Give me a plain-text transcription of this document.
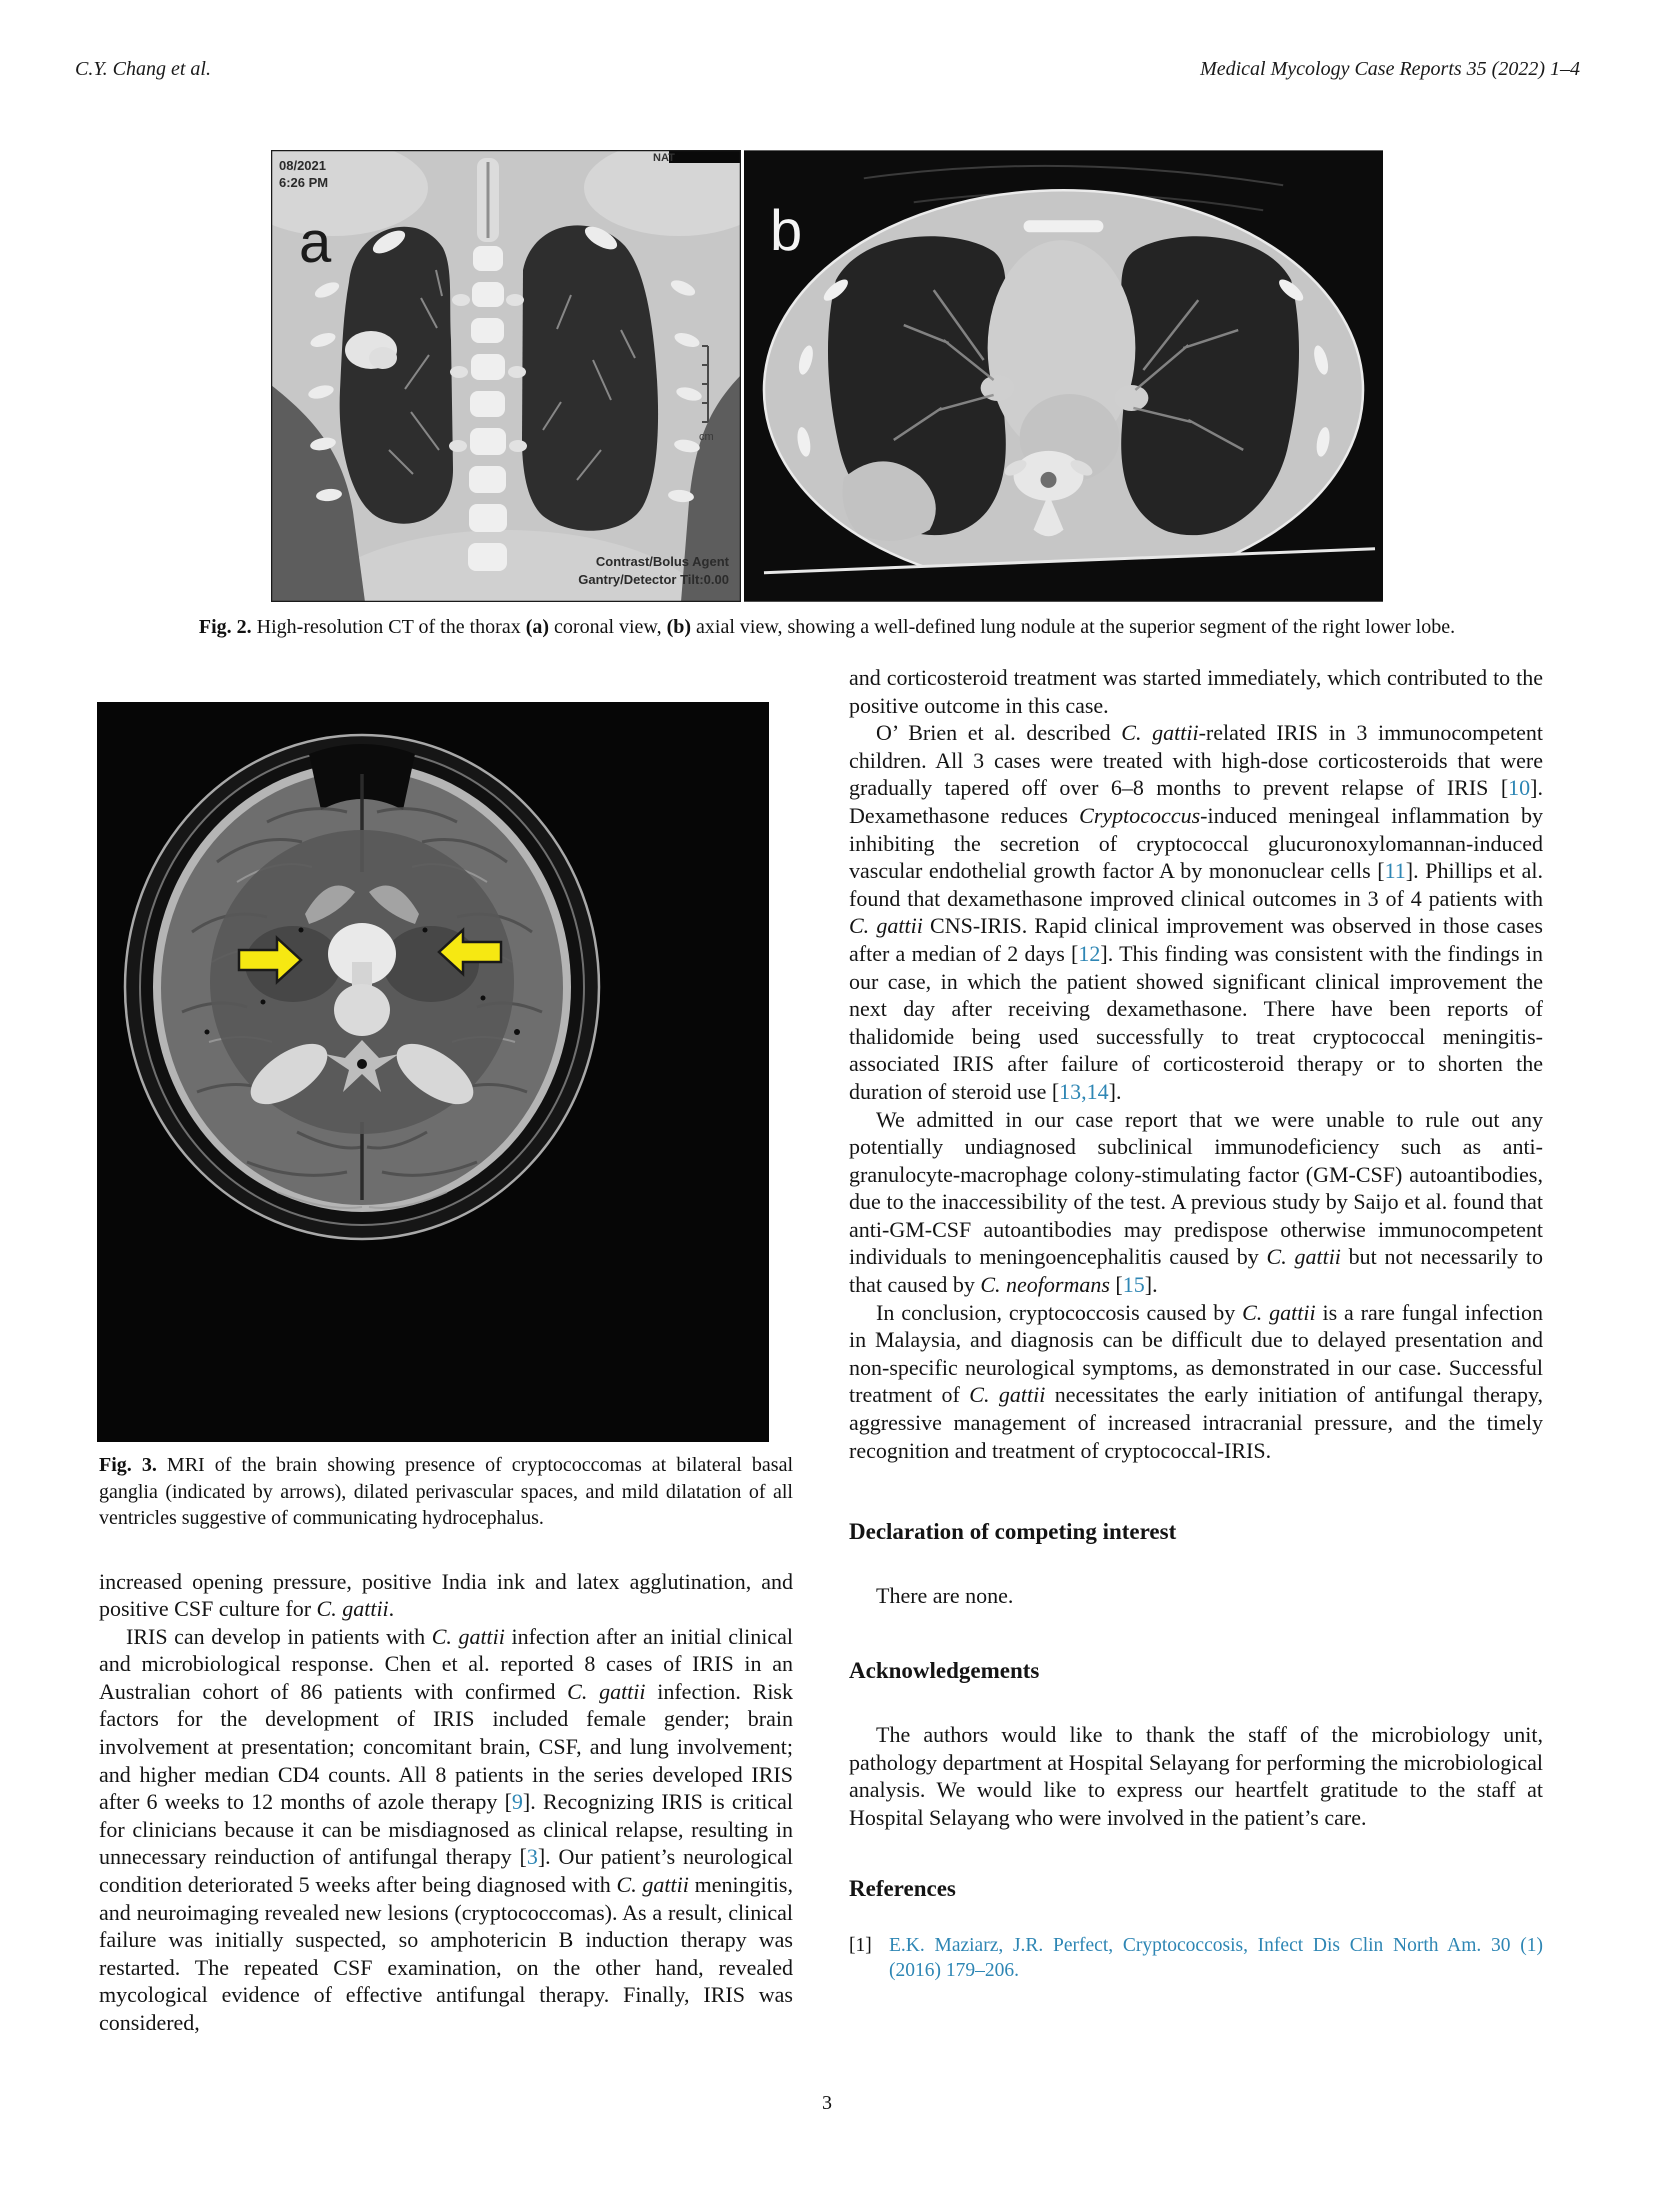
C.Y. Chang et al.	Medical Mycology Case Reports 35 (2022) 1–4
cm
08/2021
6:26 PM
NAT
a
Contrast/Bolus Agent
Gantry/Detector Tilt:0.00
b
Fig. 2. High-resolution CT of the thorax (a) coronal view, (b) axial view, showing a well-defined lung nodule at the superior segment of the right lower lobe.
Fig. 3. MRI of the brain showing presence of cryptococcomas at bilateral basal ganglia (indicated by arrows), dilated perivascular spaces, and mild dilatation of all ventricles suggestive of communicating hydrocephalus.

increased opening pressure, positive India ink and latex agglutination, and positive CSF culture for C. gattii.

IRIS can develop in patients with C. gattii infection after an initial clinical and microbiological response. Chen et al. reported 8 cases of IRIS in an Australian cohort of 86 patients with confirmed C. gattii infection. Risk factors for the development of IRIS included female gender; brain involvement at presentation; concomitant brain, CSF, and lung involvement; and higher median CD4 counts. All 8 patients in the series developed IRIS after 6 weeks to 12 months of azole therapy [9]. Recognizing IRIS is critical for clinicians because it can be misdiagnosed as clinical relapse, resulting in unnecessary reinduction of antifungal therapy [3]. Our patient’s neurological condition deteriorated 5 weeks after being diagnosed with C. gattii meningitis, and neuroimaging revealed new lesions (cryptococcomas). As a result, clinical failure was initially suspected, so amphotericin B induction therapy was restarted. The repeated CSF examination, on the other hand, revealed mycological evidence of effective antifungal therapy. Finally, IRIS was considered,

and corticosteroid treatment was started immediately, which contributed to the positive outcome in this case.

O’ Brien et al. described C. gattii-related IRIS in 3 immunocompetent children. All 3 cases were treated with high-dose corticosteroids that were gradually tapered off over 6–8 months to prevent relapse of IRIS [10]. Dexamethasone reduces Cryptococcus-induced meningeal inflammation by inhibiting the secretion of cryptococcal glucuronoxylomannan-induced vascular endothelial growth factor A by mononuclear cells [11]. Phillips et al. found that dexamethasone improved clinical outcomes in 3 of 4 patients with C. gattii CNS-IRIS. Rapid clinical improvement was observed in those cases after a median of 2 days [12]. This finding was consistent with the findings in our case, in which the patient showed significant clinical improvement the next day after receiving dexamethasone. There have been reports of thalidomide being used successfully to treat cryptococcal meningitis-associated IRIS after failure of corticosteroid therapy or to shorten the duration of steroid use [13,14].

We admitted in our case report that we were unable to rule out any potentially undiagnosed subclinical immunodeficiency such as anti-granulocyte-macrophage colony-stimulating factor (GM-CSF) autoantibodies, due to the inaccessibility of the test. A previous study by Saijo et al. found that anti-GM-CSF autoantibodies may predispose otherwise immunocompetent individuals to meningoencephalitis caused by C. gattii but not necessarily to that caused by C. neoformans [15].

In conclusion, cryptococcosis caused by C. gattii is a rare fungal infection in Malaysia, and diagnosis can be difficult due to delayed presentation and non-specific neurological symptoms, as demonstrated in our case. Successful treatment of C. gattii necessitates the early initiation of antifungal therapy, aggressive management of increased intracranial pressure, and the timely recognition and treatment of cryptococcal-IRIS.

Declaration of competing interest

There are none.

Acknowledgements

The authors would like to thank the staff of the microbiology unit, pathology department at Hospital Selayang for performing the microbiological analysis. We would like to express our heartfelt gratitude to the staff at Hospital Selayang who were involved in the patient’s care.

References
[1] E.K. Maziarz, J.R. Perfect, Cryptococcosis, Infect Dis Clin North Am. 30 (1) (2016) 179–206.
3
